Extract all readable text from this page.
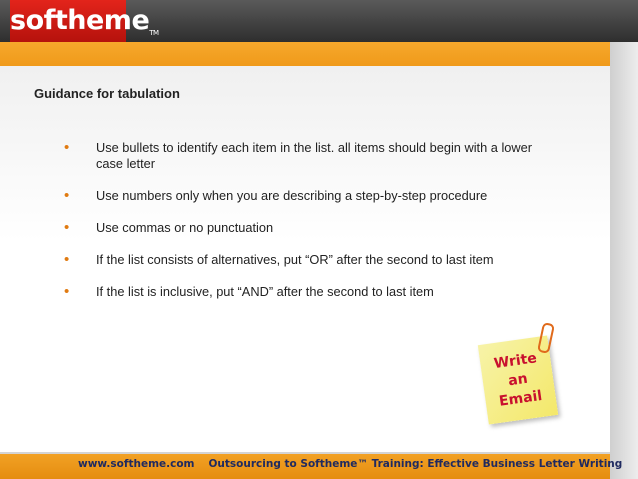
softheme™
Guidance for tabulation
• Use bullets to identify each item in the list. all items should begin with a lower case letter
• Use numbers only when you are describing a step-by-step procedure
• Use commas or no punctuation
• If the list consists of alternatives, put “OR” after the second to last item
• If the list is inclusive, put “AND” after the second to last item
Write
an
Email
www.softheme.com Outsourcing to Softheme™ Training: Effective Business Letter Writing
